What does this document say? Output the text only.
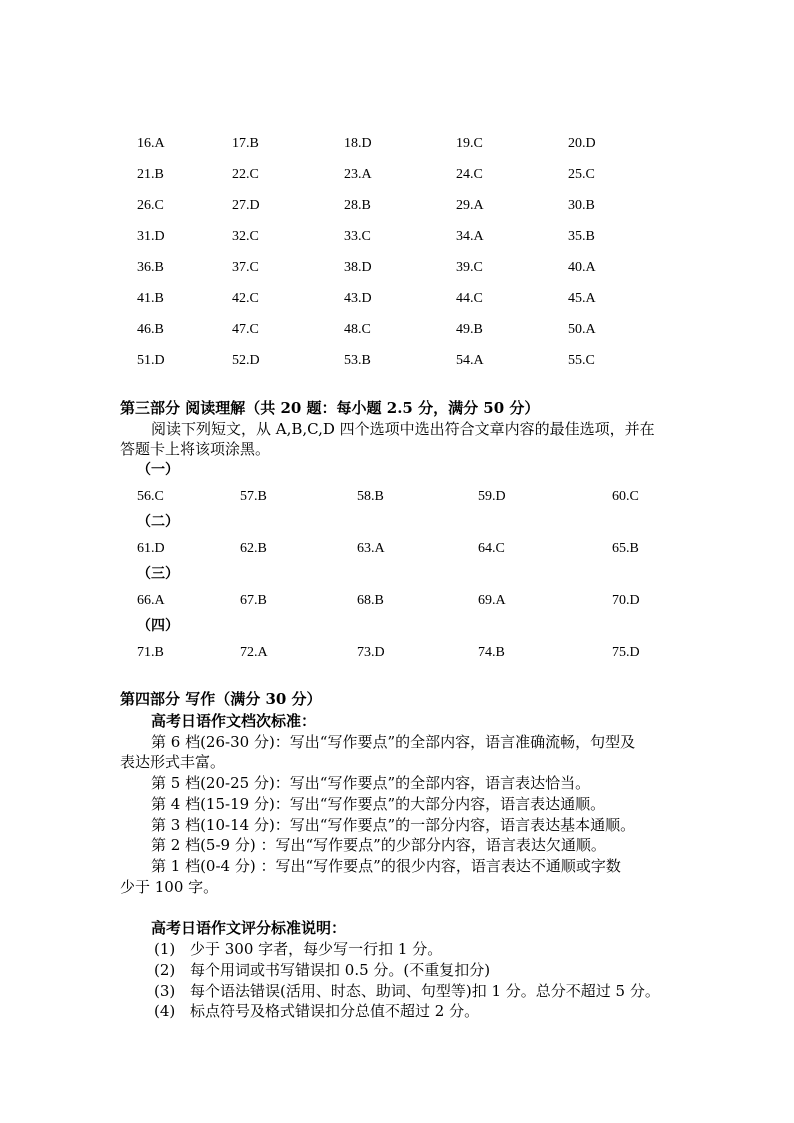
16.A	17.B	18.D	19.C	20.D
21.B	22.C	23.A	24.C	25.C
26.C	27.D	28.B	29.A	30.B
31.D	32.C	33.C	34.A	35.B
36.B	37.C	38.D	39.C	40.A
41.B	42.C	43.D	44.C	45.A
46.B	47.C	48.C	49.B	50.A
51.D	52.D	53.B	54.A	55.C
第三部分 阅读理解（共 20 题：每小题 2.5 分，满分 50 分）
阅读下列短文，从 A,B,C,D 四个选项中选出符合文章内容的最佳选项，并在
答题卡上将该项涂黑。
（一）
56.C	57.B	58.B	59.D	60.C
（二）
61.D	62.B	63.A	64.C	65.B
（三）
66.A	67.B	68.B	69.A	70.D
（四）
71.B	72.A	73.D	74.B	75.D
第四部分 写作（满分 30 分）
高考日语作文档次标准：
第 6 档(26-30 分)：写出“写作要点”的全部内容，语言准确流畅，句型及
表达形式丰富。
第 5 档(20-25 分)：写出“写作要点”的全部内容，语言表达恰当。
第 4 档(15-19 分)：写出“写作要点”的大部分内容，语言表达通顺。
第 3 档(10-14 分)：写出“写作要点”的一部分内容，语言表达基本通顺。
第 2 档(5-9 分) ：写出“写作要点”的少部分内容，语言表达欠通顺。
第 1 档(0-4 分) ：写出“写作要点”的很少内容，语言表达不通顺或字数
少于 100 字。
高考日语作文评分标准说明：
(1) 少于 300 字者，每少写一行扣 1 分。
(2) 每个用词或书写错误扣 0.5 分。(不重复扣分)
(3) 每个语法错误(活用、时态、助词、句型等)扣 1 分。总分不超过 5 分。
(4) 标点符号及格式错误扣分总值不超过 2 分。
